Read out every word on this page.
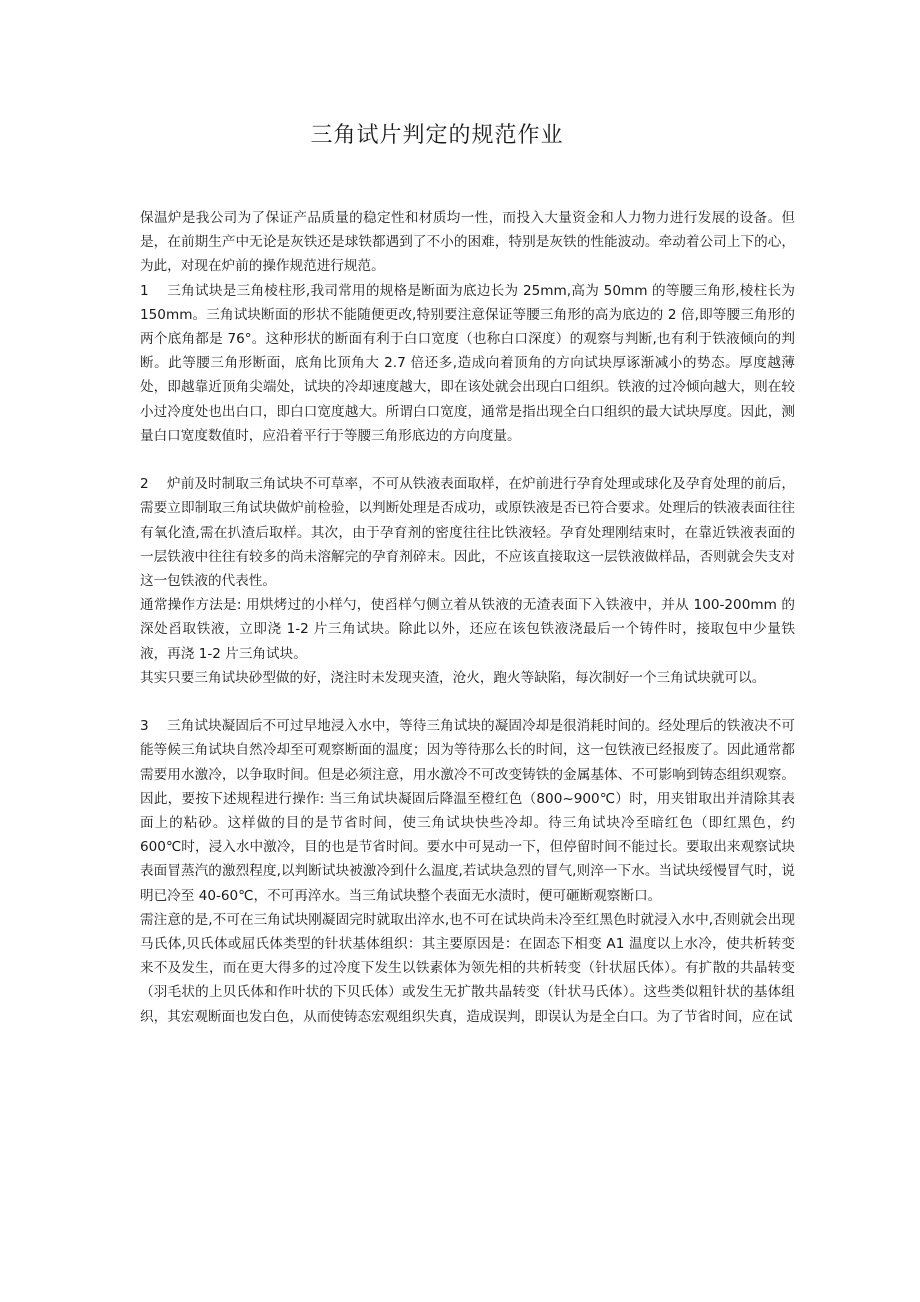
三角试片判定的规范作业

保温炉是我公司为了保证产品质量的稳定性和材质均一性，而投入大量资金和人力物力进行发展的设备。但是，在前期生产中无论是灰铁还是球铁都遇到了不小的困难，特别是灰铁的性能波动。牵动着公司上下的心，为此，对现在炉前的操作规范进行规范。

1 三角试块是三角棱柱形,我司常用的规格是断面为底边长为 25mm,高为 50mm 的等腰三角形,棱柱长为 150mm。三角试块断面的形状不能随便更改,特别要注意保证等腰三角形的高为底边的 2 倍,即等腰三角形的两个底角都是 76°。这种形状的断面有利于白口宽度（也称白口深度）的观察与判断,也有利于铁液倾向的判断。此等腰三角形断面，底角比顶角大 2.7 倍还多,造成向着顶角的方向试块厚诼渐减小的势态。厚度越薄处，即越靠近顶角尖端处，试块的冷却速度越大，即在该处就会出现白口组织。铁液的过冷倾向越大，则在较小过冷度处也出白口，即白口宽度越大。所谓白口宽度，通常是指出现全白口组织的最大试块厚度。因此，测量白口宽度数值时，应沿着平行于等腰三角形底边的方向度量。

2 炉前及时制取三角试块不可草率，不可从铁液表面取样，在炉前进行孕育处理或球化及孕育处理的前后，需要立即制取三角试块做炉前检验，以判断处理是否成功，或原铁液是否已符合要求。处理后的铁液表面往往有氧化渣,需在扒渣后取样。其次，由于孕育剂的密度往往比铁液轻。孕育处理刚结束时，在靠近铁液表面的一层铁液中往往有较多的尚未溶解完的孕育剂碎末。因此，不应该直接取这一层铁液做样品，否则就会失支对这一包铁液的代表性。

通常操作方法是: 用烘烤过的小样勺，使舀样勺侧立着从铁液的无渣表面下入铁液中，并从 100-200mm 的深处舀取铁液，立即浇 1-2 片三角试块。除此以外，还应在该包铁液浇最后一个铸件时，接取包中少量铁液，再浇 1-2 片三角试块。

其实只要三角试块砂型做的好，浇注时未发现夹渣，沧火，跑火等缺陷，每次制好一个三角试块就可以。

3 三角试块凝固后不可过早地浸入水中，等待三角试块的凝固冷却是很消耗时间的。经处理后的铁液决不可能等候三角试块自然冷却至可观察断面的温度；因为等待那么长的时间，这一包铁液已经报废了。因此通常都需要用水激冷，以争取时间。但是必须注意，用水激冷不可改变铸铁的金属基体、不可影响到铸态组织观察。因此，要按下述规程进行操作: 当三角试块凝固后降温至橙红色（800~900℃）时，用夹钳取出并清除其表面上的粘砂。这样做的目的是节省时间，使三角试块快些冷却。待三角试块冷至暗红色（即红黑色，约 600℃时，浸入水中激冷，目的也是节省时间。要水中可晃动一下，但停留时间不能过长。要取出来观察试块表面冒蒸汽的激烈程度,以判断试块被激冷到什么温度,若试块急烈的冒气,则淬一下水。当试块绥慢冒气时，说明已冷至 40-60℃，不可再淬水。当三角试块整个表面无水渍时，便可砸断观察断口。

需注意的是,不可在三角试块刚凝固完时就取出淬水,也不可在试块尚未冷至红黑色时就浸入水中,否则就会出现马氏体,贝氏体或屈氏体类型的针状基体组织：其主要原因是：在固态下相变 A1 温度以上水冷，使共析转变来不及发生，而在更大得多的过冷度下发生以铁素体为领先相的共析转变（针状屈氏体）。有扩散的共晶转变（羽毛状的上贝氏体和作叶状的下贝氏体）或发生无扩散共晶转变（针状马氏体）。这些类似粗针状的基体组 织，其宏观断面也发白色，从而使铸态宏观组织失真，造成误判，即误认为是全白口。为了节省时间，应在试
